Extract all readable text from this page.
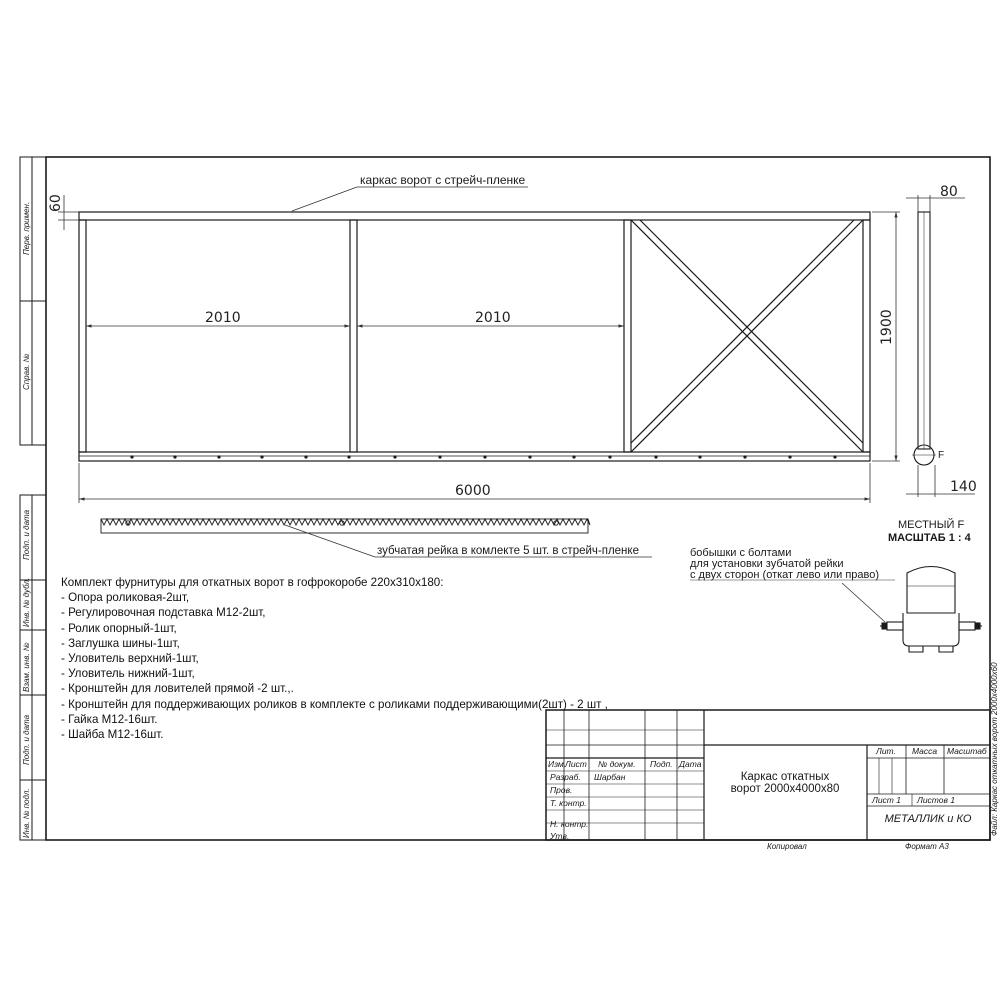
Перв. примен.
Справ. №
Подп. и дата
Инв. № дубл.
Взам. инв. №
Подп. и дата
Инв. № подл.
60
2010	2010
6000
1900
80
140
F
каркас ворот с стрейч-пленке
зубчатая рейка в комлекте 5 шт. в стрейч-пленке
МЕСТНЫЙ F
МАСШТАБ 1 : 4
бобышки с болтами
для установки зубчатой рейки
с двух сторон (откат лево или право)
Изм.
Лист № докум. Подп. Дата
Разраб. Шарбан
Пров.
Т. контр.
Н. контр.
Утв.
Лит. Масса Масштаб
Лист 1 Листов 1
Каркас откатных
ворот 2000х4000х80
МЕТАЛЛИК и КО
Копировал	Формат А3
Файл: Каркас откатных ворот 2000х4000х60
Комплект фурнитуры для откатных ворот в гофрокоробе 220х310х180:
- Опора роликовая-2шт,
- Регулировочная подставка М12-2шт,
- Ролик опорный-1шт,
- Заглушка шины-1шт,
- Уловитель верхний-1шт,
- Уловитель нижний-1шт,
- Кронштейн для ловителей прямой -2 шт.,.
- Кронштейн для поддерживающих роликов в комплекте с роликами поддерживающими(2шт) - 2 шт ,
- Гайка М12-16шт.
- Шайба М12-16шт.
